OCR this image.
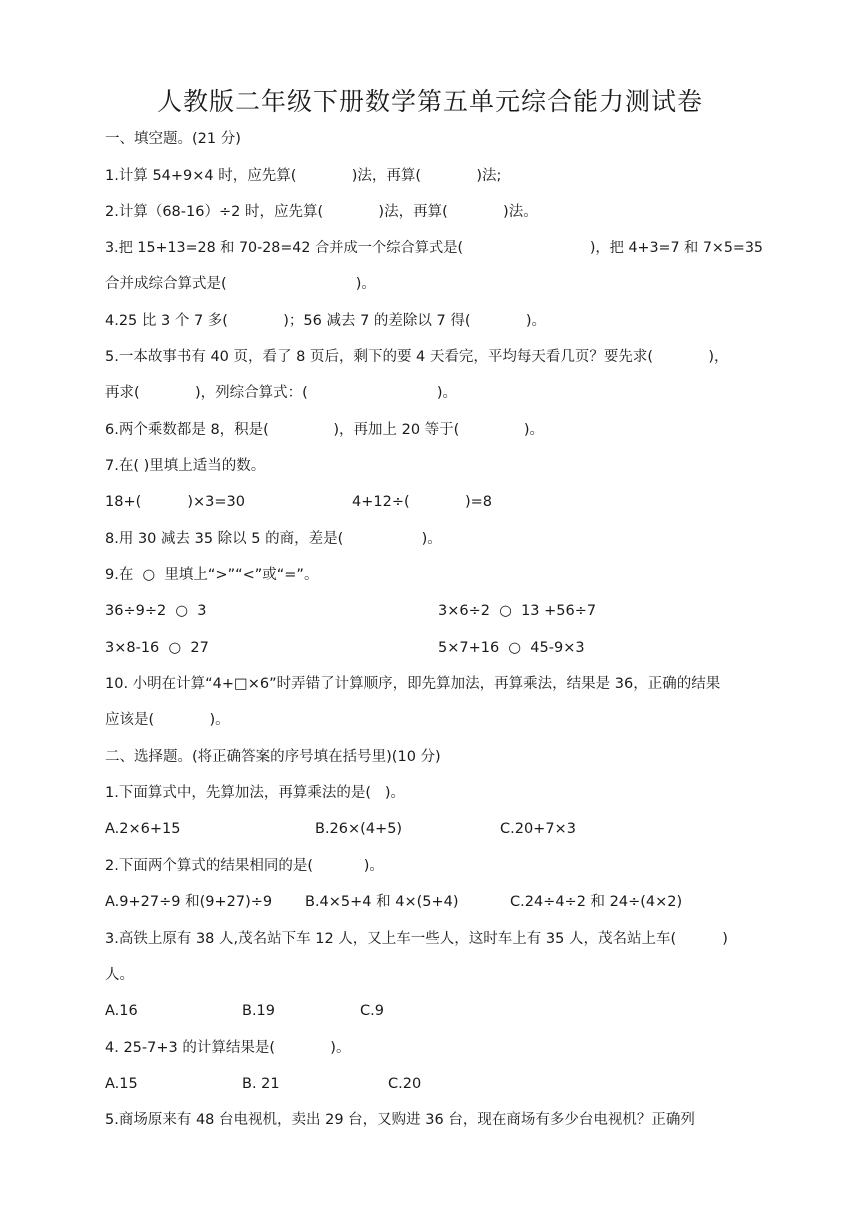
人教版二年级下册数学第五单元综合能力测试卷
一、填空题。(21 分)
1.计算 54+9×4 时，应先算(            )法，再算(            )法;
2.计算（68-16）÷2 时，应先算(            )法，再算(            )法。
3.把 15+13=28 和 70-28=42 合并成一个综合算式是(                            )，把 4+3=7 和 7×5=35
合并成综合算式是(                            )。
4.25 比 3 个 7 多(            )；56 减去 7 的差除以 7 得(            )。
5.一本故事书有 40 页，看了 8 页后，剩下的要 4 天看完，平均每天看几页？要先求(            )，
再求(            )，列综合算式：(                            )。
6.两个乘数都是 8，积是(              )，再加上 20 等于(              )。
7.在( )里填上适当的数。
18+(          )×3=30	4+12÷(            )=8
8.用 30 减去 35 除以 5 的商，差是(                 )。
9.在  ○  里填上“>”“<”或“=”。
36÷9÷2  ○  3	3×6÷2  ○  13 +56÷7
3×8-16  ○  27	5×7+16  ○  45-9×3
10. 小明在计算“4+□×6”时弄错了计算顺序，即先算加法，再算乘法，结果是 36，正确的结果
应该是(            )。
二、选择题。(将正确答案的序号填在括号里)(10 分)
1.下面算式中，先算加法，再算乘法的是(   )。
A.2×6+15	B.26×(4+5)	C.20+7×3
2.下面两个算式的结果相同的是(           )。
A.9+27÷9 和(9+27)÷9 B.4×5+4 和 4×(5+4)	C.24÷4÷2 和 24÷(4×2)
3.高铁上原有 38 人,茂名站下车 12 人，又上车一些人，这时车上有 35 人，茂名站上车(          )
人。
A.16	B.19	C.9
4. 25-7+3 的计算结果是(            )。
A.15	B. 21	C.20
5.商场原来有 48 台电视机，卖出 29 台，又购进 36 台，现在商场有多少台电视机？正确列
